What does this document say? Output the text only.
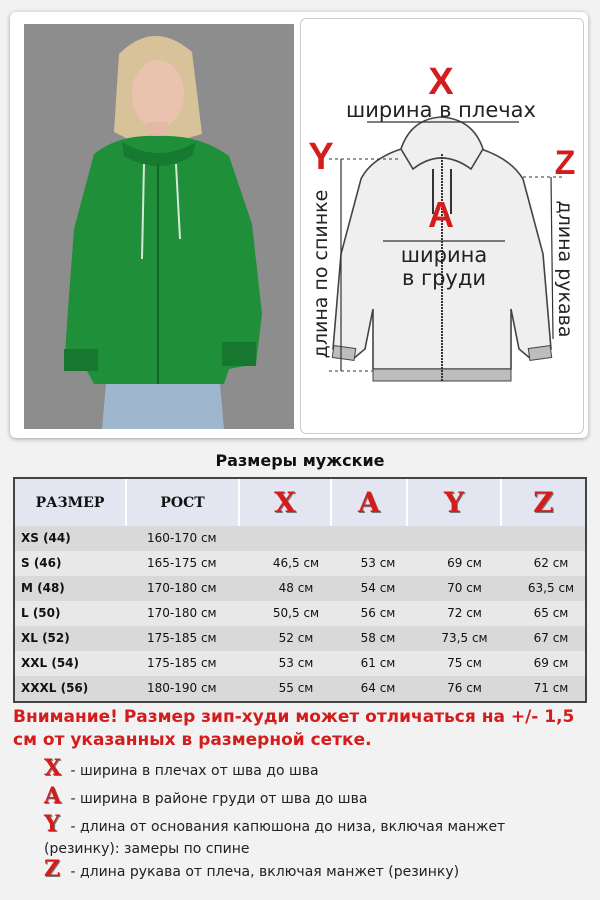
X
ширина в плечах
Y	Z
A
ширина
в груди
длина по спинке	длина рукава
Размеры мужские
РАЗМЕР	РОСТ	X	A	Y	Z
XS (44)	160-170 см
S (46)	165-175 см	46,5 см	53 см	69 см	62 см
M (48)	170-180 см	48 см	54 см	70 см	63,5 см
L (50)	170-180 см	50,5 см	56 см	72 см	65 см
XL (52)	175-185 см	52 см	58 см	73,5 см	67 см
XXL (54)	175-185 см	53 см	61 см	75 см	69 см
XXXL (56)	180-190 см	55 см	64 см	76 см	71 см
Внимание! Размер зип-худи может отличаться на +/- 1,5 см от указанных в размерной сетке.
X - ширина в плечах от шва до шва
A - ширина в районе груди от шва до шва
Y - длина от основания капюшона до низа, включая манжет (резинку): замеры по спине
Z - длина рукава от плеча, включая манжет (резинку)
